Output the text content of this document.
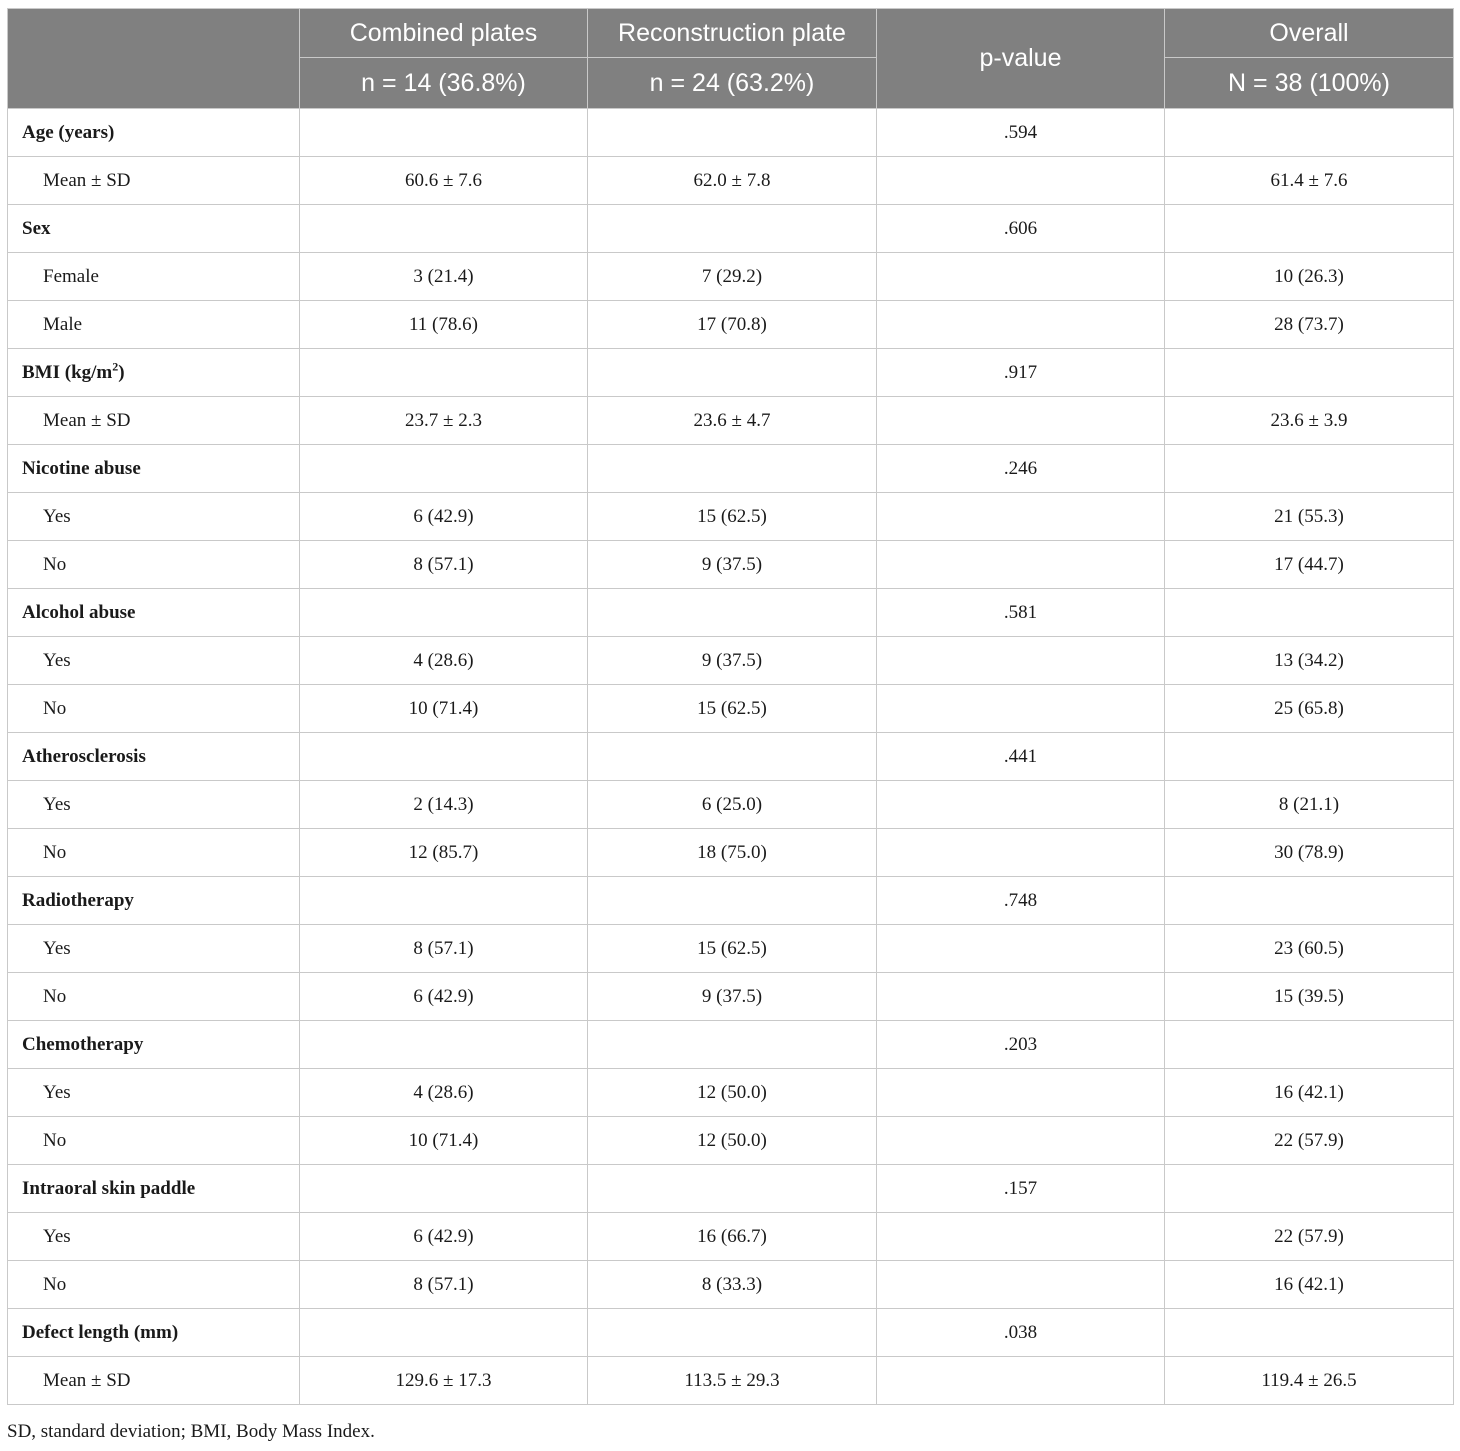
	Combined plates	Reconstruction plate	p-value	Overall
	n = 14 (36.8%)	n = 24 (63.2%)		N = 38 (100%)
Age (years)			.594	
Mean ± SD	60.6 ± 7.6	62.0 ± 7.8		61.4 ± 7.6
Sex			.606	
Female	3 (21.4)	7 (29.2)		10 (26.3)
Male	11 (78.6)	17 (70.8)		28 (73.7)
BMI $(kg/m^2)$			.917	
Mean ± SD	23.7 ± 2.3	23.6 ± 4.7		23.6 ± 3.9
Nicotine abuse			.246	
Yes	6 (42.9)	15 (62.5)		21 (55.3)
No	8 (57.1)	9 (37.5)		17 (44.7)
Alcohol abuse			.581	
Yes	4 (28.6)	9 (37.5)		13 (34.2)
No	10 (71.4)	15 (62.5)		25 (65.8)
Atherosclerosis			.441	
Yes	2 (14.3)	6 (25.0)		8 (21.1)
No	12 (85.7)	18 (75.0)		30 (78.9)
Radiotherapy			.748	
Yes	8 (57.1)	15 (62.5)		23 (60.5)
No	6 (42.9)	9 (37.5)		15 (39.5)
Chemotherapy			.203	
Yes	4 (28.6)	12 (50.0)		16 (42.1)
No	10 (71.4)	12 (50.0)		22 (57.9)
Intraoral skin paddle			.157	
Yes	6 (42.9)	16 (66.7)		22 (57.9)
No	8 (57.1)	8 (33.3)		16 (42.1)
Defect length (mm)			.038	
Mean ± SD	129.6 ± 17.3	113.5 ± 29.3		119.4 ± 26.5
SD, standard deviation; BMI, Body Mass Index.
